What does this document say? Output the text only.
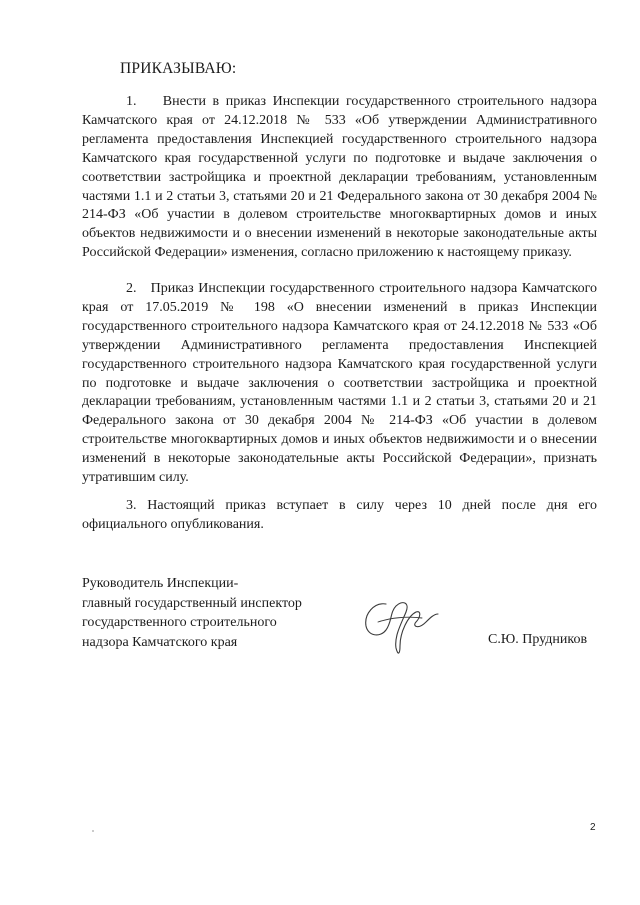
ПРИКАЗЫВАЮ:

1. Внести в приказ Инспекции государственного строительного надзора Камчатского края от 24.12.2018 № 533 «Об утверждении Административного регламента предоставления Инспекцией государственного строительного надзора Камчатского края государственной услуги по подготовке и выдаче заключения о соответствии застройщика и проектной декларации требованиям, установленным частями 1.1 и 2 статьи 3, статьями 20 и 21 Федерального закона от 30 декабря 2004 № 214-ФЗ «Об участии в долевом строительстве многоквартирных домов и иных объектов недвижимости и о внесении изменений в некоторые законодательные акты Российской Федерации» изменения, согласно приложению к настоящему приказу.

2. Приказ Инспекции государственного строительного надзора Камчатского края от 17.05.2019 № 198 «О внесении изменений в приказ Инспекции государственного строительного надзора Камчатского края от 24.12.2018 № 533 «Об утверждении Административного регламента предоставления Инспекцией государственного строительного надзора Камчатского края государственной услуги по подготовке и выдаче заключения о соответствии застройщика и проектной декларации требованиям, установленным частями 1.1 и 2 статьи 3, статьями 20 и 21 Федерального закона от 30 декабря 2004 № 214-ФЗ «Об участии в долевом строительстве многоквартирных домов и иных объектов недвижимости и о внесении изменений в некоторые законодательные акты Российской Федерации», признать утратившим силу.

3. Настоящий приказ вступает в силу через 10 дней после дня его официального опубликования.

Руководитель Инспекции-
главный государственный инспектор
государственного строительного
надзора Камчатского края	С.Ю. Прудников
2
